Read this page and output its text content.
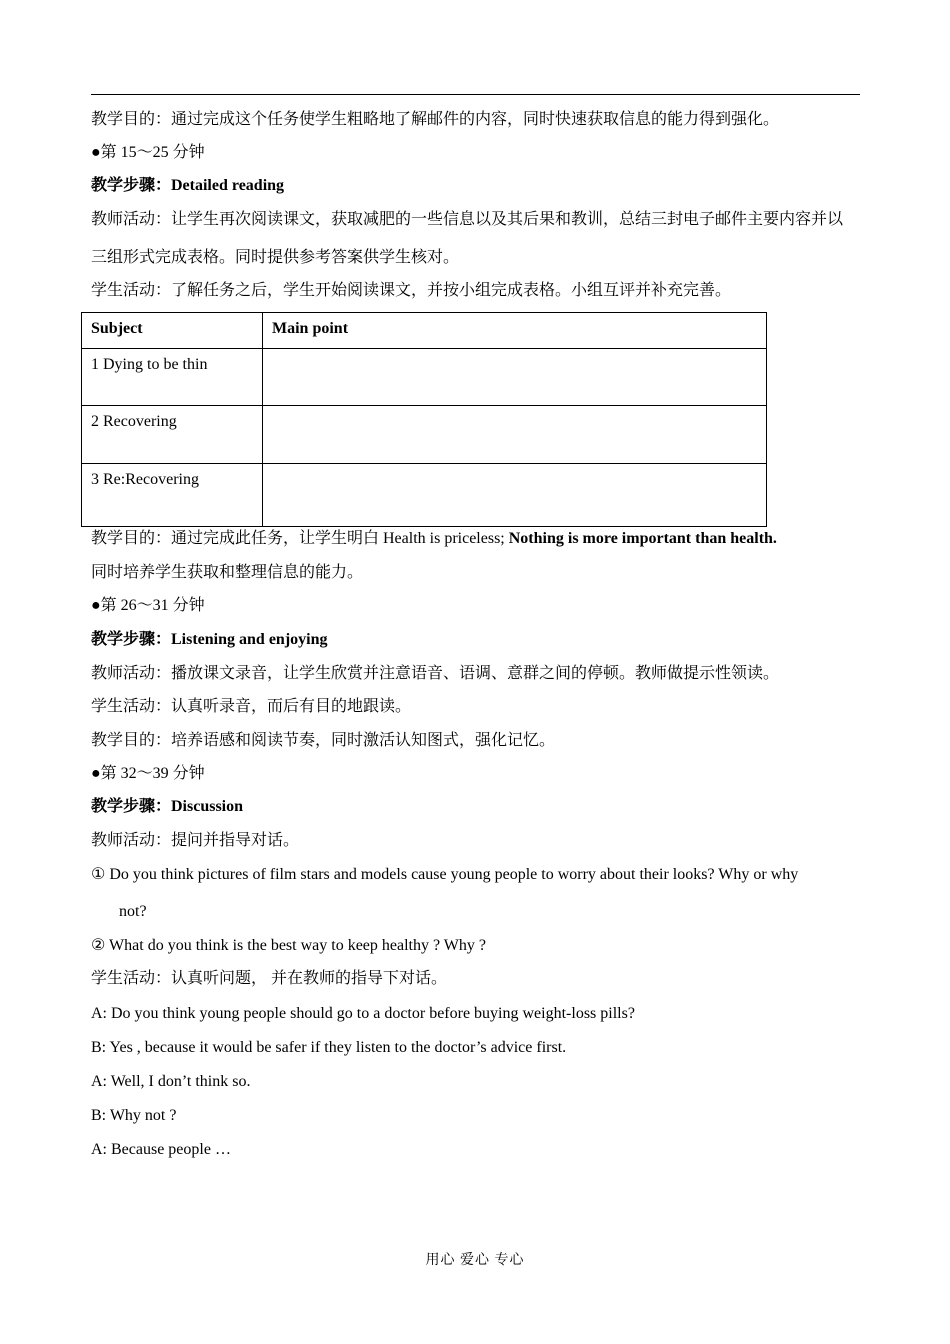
教学目的：通过完成这个任务使学生粗略地了解邮件的内容，同时快速获取信息的能力得到强化。
●第 15～25 分钟
教学步骤：Detailed reading
教师活动：让学生再次阅读课文，获取减肥的一些信息以及其后果和教训，总结三封电子邮件主要内容并以
三组形式完成表格。同时提供参考答案供学生核对。
学生活动：了解任务之后，学生开始阅读课文，并按小组完成表格。小组互评并补充完善。
Subject	Main point
1 Dying to be thin	
2 Recovering	
3 Re:Recovering	
教学目的：通过完成此任务，让学生明白 Health is priceless; Nothing is more important than health.
同时培养学生获取和整理信息的能力。
●第 26～31 分钟
教学步骤：Listening and enjoying
教师活动：播放课文录音，让学生欣赏并注意语音、语调、意群之间的停顿。教师做提示性领读。
学生活动：认真听录音，而后有目的地跟读。
教学目的：培养语感和阅读节奏，同时激活认知图式，强化记忆。
●第 32～39 分钟
教学步骤：Discussion
教师活动：提问并指导对话。
① Do you think pictures of film stars and models cause young people to worry about their looks? Why or why
not?
② What do you think is the best way to keep healthy ? Why ?
学生活动：认真听问题， 并在教师的指导下对话。
A: Do you think young people should go to a doctor before buying weight-loss pills?
B: Yes , because it would be safer if they listen to the doctor’s advice first.
A: Well, I don’t think so.
B: Why not ?
A: Because people …
用心 爱心 专心
